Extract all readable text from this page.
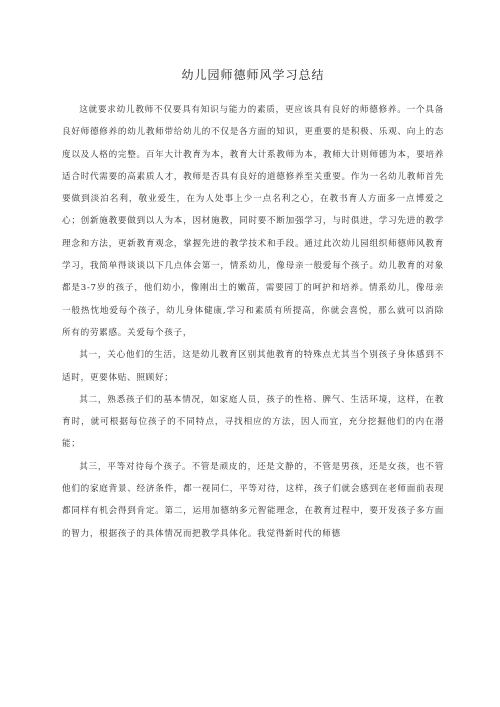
幼儿园师德师风学习总结

这就要求幼儿教师不仅要具有知识与能力的素质，更应该具有良好的师德修养。一个具备良好师德修养的幼儿教师带给幼儿的不仅是各方面的知识，更重要的是积极、乐观、向上的态度以及人格的完整。百年大计教育为本，教育大计系教师为本，教师大计则师德为本，要培养适合时代需要的高素质人才，教师是否具有良好的道德修养至关重要。作为一名幼儿教师首先要做到淡泊名利，敬业爱生，在为人处事上少一点名利之心，在教书育人方面多一点博爱之心；创新施教要做到以人为本，因材施教，同时要不断加强学习，与时俱进，学习先进的教学理念和方法，更新教育观念，掌握先进的教学技术和手段。通过此次幼儿园组织师德师风教育学习，我简单得谈谈以下几点体会第一，情系幼儿，像母亲一般爱每个孩子。幼儿教育的对象都是3-7岁的孩子，他们幼小，像刚出土的嫩苗，需要园丁的呵护和培养。情系幼儿，像母亲一般热忱地爱每个孩子，幼儿身体健康,学习和素质有所提高，你就会喜悦，那么就可以消除所有的劳累感。关爱每个孩子，

其一，关心他们的生活，这是幼儿教育区别其他教育的特殊点尤其当个别孩子身体感到不适时，更要体贴、照顾好；

其二，熟悉孩子们的基本情况，如家庭人员，孩子的性格、脾气、生活环境，这样，在教育时，就可根据每位孩子的不同特点，寻找相应的方法，因人而宜，充分挖掘他们的内在潜能；

其三，平等对待每个孩子。不管是顽皮的，还是文静的，不管是男孩，还是女孩，也不管他们的家庭背景、经济条件，都一视同仁，平等对待，这样，孩子们就会感到在老师面前表现都同样有机会得到肯定。第二，运用加德纳多元智能理念，在教育过程中，要开发孩子多方面的智力，根据孩子的具体情况而把教学具体化。我觉得新时代的师德
